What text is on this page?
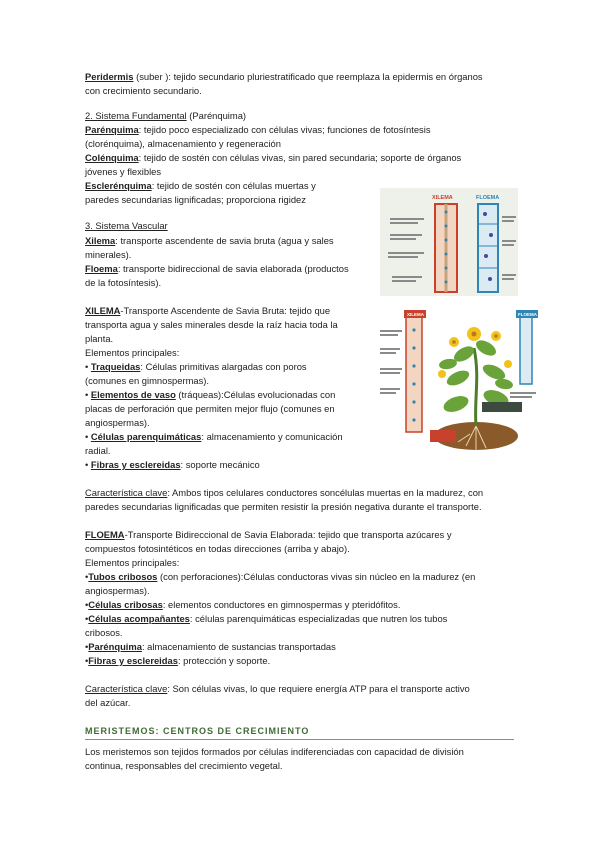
Peridermis (suber ): tejido secundario pluriestratificado que reemplaza la epidermis en órganos
con crecimiento secundario.
2. Sistema Fundamental (Parénquima)
Parénquima: tejido poco especializado con células vivas; funciones de fotosíntesis
(clorénquima), almacenamiento y regeneración
Colénquima: tejido de sostén con células vivas, sin pared secundaria; soporte de órganos
jóvenes y flexibles
Esclerénquima: tejido de sostén con células muertas y
paredes secundarias lignificadas; proporciona rigidez
3. Sistema Vascular
Xilema: transporte ascendente de savia bruta (agua y sales
minerales).
Floema: transporte bidireccional de savia elaborada (productos
de la fotosíntesis).
XILEMA-Transporte Ascendente de Savia Bruta: tejido que
transporta agua y sales minerales desde la raíz hacia toda la
planta.
Elementos principales:
• Traqueidas: Células primitivas alargadas con poros
(comunes en gimnospermas).
• Elementos de vaso (tráqueas):Células evolucionadas con
placas de perforación que permiten mejor flujo (comunes en
angiospermas).
• Células parenquimáticas: almacenamiento y comunicación
radial.
• Fibras y esclereidas: soporte mecánico
Característica clave: Ambos tipos celulares conductores soncélulas muertas en la madurez, con
paredes secundarias lignificadas que permiten resistir la presión negativa durante el transporte.
FLOEMA-Transporte Bidireccional de Savia Elaborada: tejido que transporta azúcares y
compuestos fotosintéticos en todas direcciones (arriba y abajo).
Elementos principales:
•Tubos cribosos (con perforaciones):Células conductoras vivas sin núcleo en la madurez (en
angiospermas).
•Células cribosas: elementos conductores en gimnospermas y pteridófitos.
•Células acompañantes: células parenquimáticas especializadas que nutren los tubos
cribosos.
•Parénquima: almacenamiento de sustancias transportadas
•Fibras y esclereidas: protección y soporte.
Característica clave: Son células vivas, lo que requiere energía ATP para el transporte activo
del azúcar.
MERISTEMOS: CENTROS DE CRECIMIENTO
Los meristemos son tejidos formados por células indiferenciadas con capacidad de división
continua, responsables del crecimiento vegetal.
XILEMA	FLOEMA
XILEMA	FLOEMA
